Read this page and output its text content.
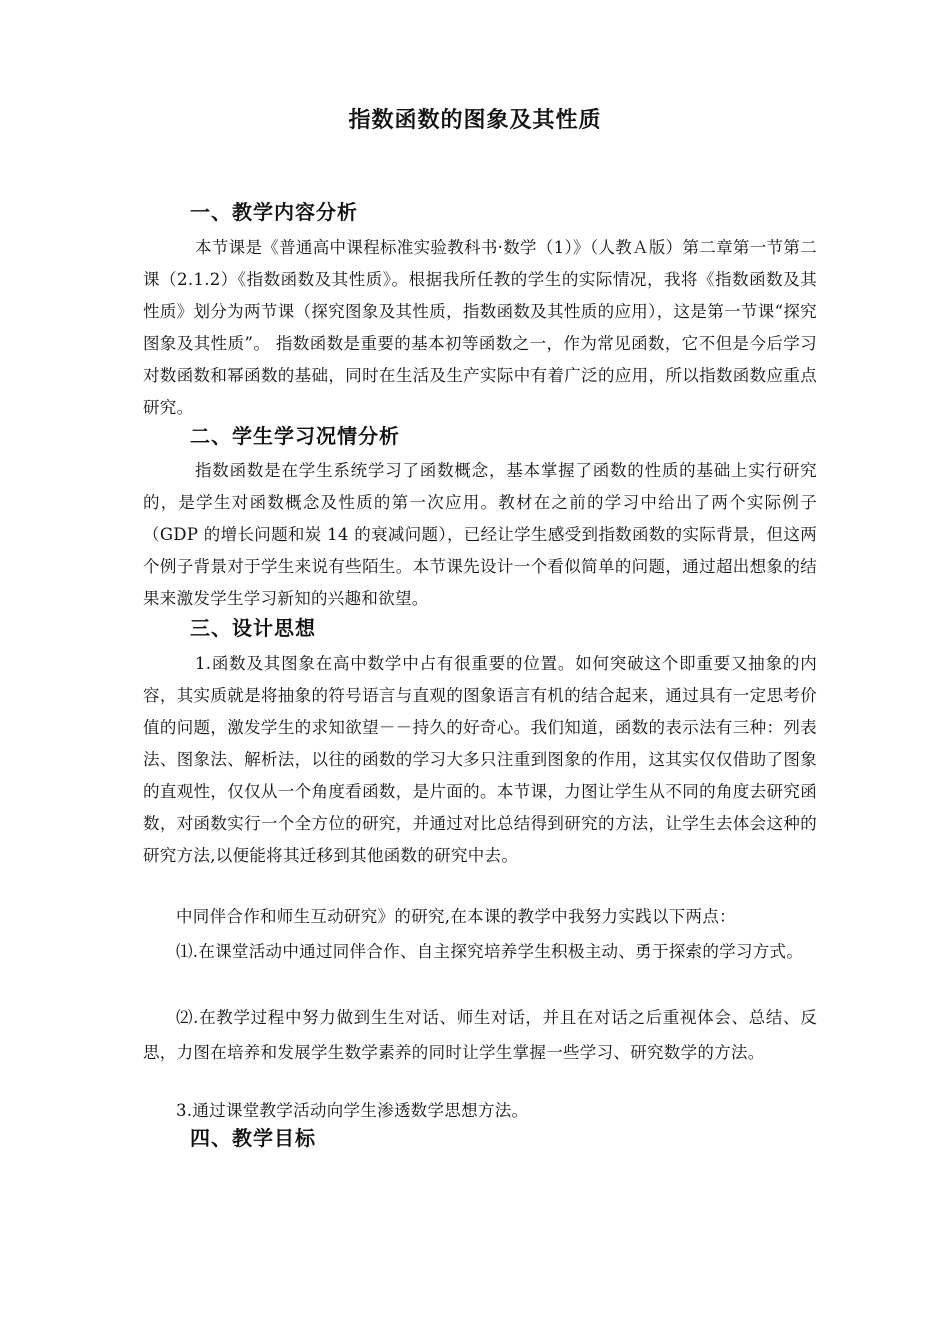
指数函数的图象及其性质
一、教学内容分析
本节课是《普通高中课程标准实验教科书·数学（1）》（人教Ａ版）第二章第一节第二课（2.1.2）《指数函数及其性质》。根据我所任教的学生的实际情况，我将《指数函数及其性质》划分为两节课（探究图象及其性质，指数函数及其性质的应用），这是第一节课“探究图象及其性质”。 指数函数是重要的基本初等函数之一，作为常见函数，它不但是今后学习对数函数和幂函数的基础，同时在生活及生产实际中有着广泛的应用，所以指数函数应重点研究。
二、学生学习况情分析
指数函数是在学生系统学习了函数概念，基本掌握了函数的性质的基础上实行研究的，是学生对函数概念及性质的第一次应用。教材在之前的学习中给出了两个实际例子（GDP 的增长问题和炭 14 的衰减问题），已经让学生感受到指数函数的实际背景，但这两个例子背景对于学生来说有些陌生。本节课先设计一个看似简单的问题，通过超出想象的结果来激发学生学习新知的兴趣和欲望。
三、设计思想
1.函数及其图象在高中数学中占有很重要的位置。如何突破这个即重要又抽象的内容，其实质就是将抽象的符号语言与直观的图象语言有机的结合起来，通过具有一定思考价值的问题，激发学生的求知欲望－－持久的好奇心。我们知道，函数的表示法有三种：列表法、图象法、解析法，以往的函数的学习大多只注重到图象的作用，这其实仅仅借助了图象的直观性，仅仅从一个角度看函数，是片面的。本节课，力图让学生从不同的角度去研究函数，对函数实行一个全方位的研究，并通过对比总结得到研究的方法，让学生去体会这种的研究方法,以便能将其迁移到其他函数的研究中去。
中同伴合作和师生互动研究》的研究,在本课的教学中我努力实践以下两点：
⑴.在课堂活动中通过同伴合作、自主探究培养学生积极主动、勇于探索的学习方式。
⑵.在教学过程中努力做到生生对话、师生对话，并且在对话之后重视体会、总结、反思，力图在培养和发展学生数学素养的同时让学生掌握一些学习、研究数学的方法。
3.通过课堂教学活动向学生渗透数学思想方法。
四、教学目标
